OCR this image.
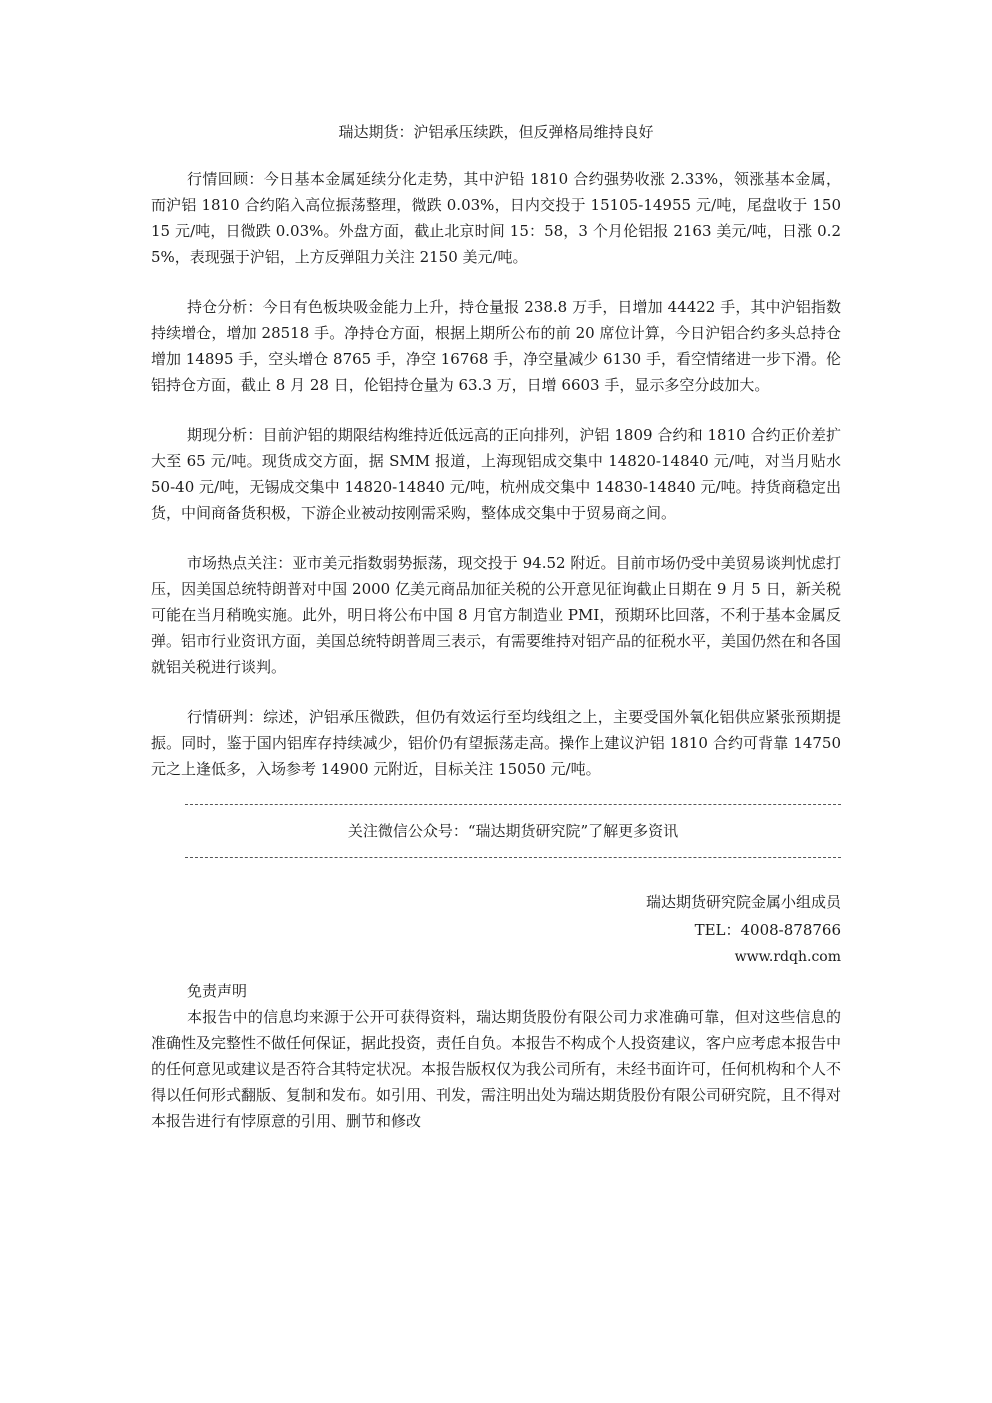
瑞达期货：沪铝承压续跌，但反弹格局维持良好

行情回顾：今日基本金属延续分化走势，其中沪铅 1810 合约强势收涨 2.33%，领涨基本金属，而沪铝 1810 合约陷入高位振荡整理，微跌 0.03%，日内交投于 15105-14955 元/吨，尾盘收于 15015 元/吨，日微跌 0.03%。外盘方面，截止北京时间 15：58，3 个月伦铝报 2163 美元/吨，日涨 0.25%，表现强于沪铝，上方反弹阻力关注 2150 美元/吨。

持仓分析：今日有色板块吸金能力上升，持仓量报 238.8 万手，日增加 44422 手，其中沪铝指数持续增仓，增加 28518 手。净持仓方面，根据上期所公布的前 20 席位计算，今日沪铝合约多头总持仓增加 14895 手，空头增仓 8765 手，净空 16768 手，净空量减少 6130 手，看空情绪进一步下滑。伦铝持仓方面，截止 8 月 28 日，伦铝持仓量为 63.3 万，日增 6603 手，显示多空分歧加大。

期现分析：目前沪铝的期限结构维持近低远高的正向排列，沪铝 1809 合约和 1810 合约正价差扩大至 65 元/吨。现货成交方面，据 SMM 报道，上海现铝成交集中 14820-14840 元/吨，对当月贴水 50-40 元/吨，无锡成交集中 14820-14840 元/吨，杭州成交集中 14830-14840 元/吨。持货商稳定出货，中间商备货积极，下游企业被动按刚需采购，整体成交集中于贸易商之间。

市场热点关注：亚市美元指数弱势振荡，现交投于 94.52 附近。目前市场仍受中美贸易谈判忧虑打压，因美国总统特朗普对中国 2000 亿美元商品加征关税的公开意见征询截止日期在 9 月 5 日，新关税可能在当月稍晚实施。此外，明日将公布中国 8 月官方制造业 PMI，预期环比回落，不利于基本金属反弹。铝市行业资讯方面，美国总统特朗普周三表示，有需要维持对铝产品的征税水平，美国仍然在和各国就铝关税进行谈判。

行情研判：综述，沪铝承压微跌，但仍有效运行至均线组之上，主要受国外氧化铝供应紧张预期提振。同时，鉴于国内铝库存持续减少，铝价仍有望振荡走高。操作上建议沪铝 1810 合约可背靠 14750 元之上逢低多，入场参考 14900 元附近，目标关注 15050 元/吨。

关注微信公众号：“瑞达期货研究院”了解更多资讯
瑞达期货研究院金属小组成员
TEL：4008-878766
www.rdqh.com
免责声明

本报告中的信息均来源于公开可获得资料，瑞达期货股份有限公司力求准确可靠，但对这些信息的准确性及完整性不做任何保证，据此投资，责任自负。本报告不构成个人投资建议，客户应考虑本报告中的任何意见或建议是否符合其特定状况。本报告版权仅为我公司所有，未经书面许可，任何机构和个人不得以任何形式翻版、复制和发布。如引用、刊发，需注明出处为瑞达期货股份有限公司研究院，且不得对本报告进行有悖原意的引用、删节和修改
